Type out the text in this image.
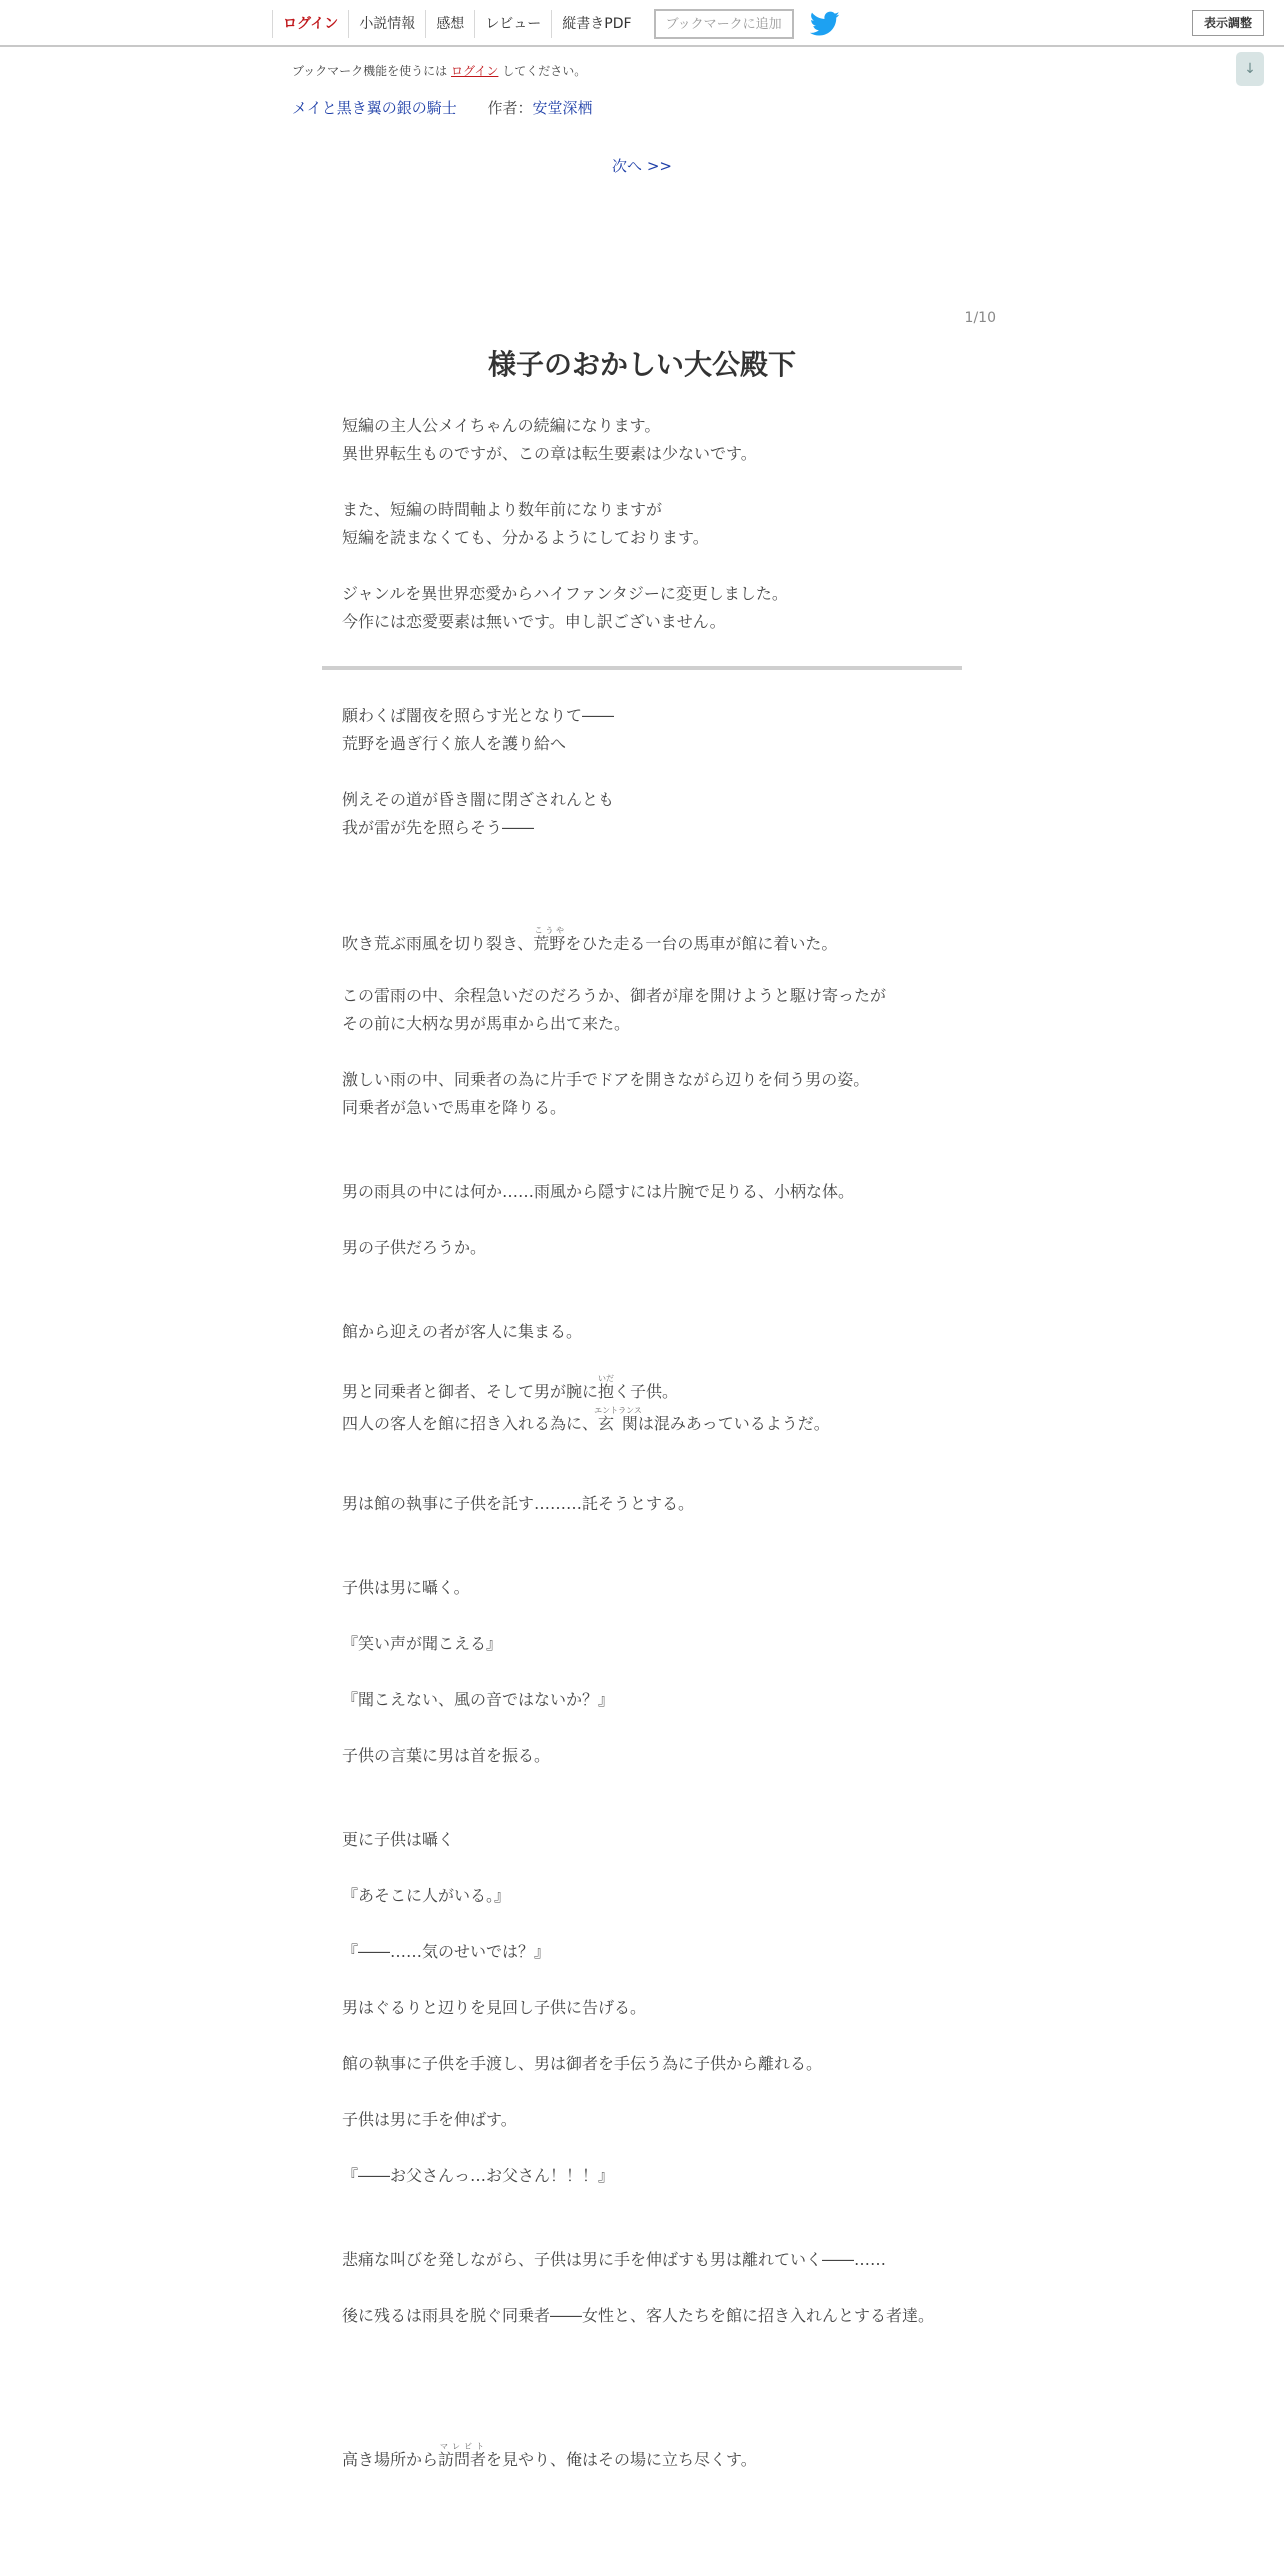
ログイン	小説情報	感想	レビュー	縦書きPDF	ブックマークに追加	表示調整
↓
ブックマーク機能を使うには ログイン してください。
メイと黒き翼の銀の騎士 作者：安堂深栖
次へ >>
1/10
様子のおかしい大公殿下
短編の主人公メイちゃんの続編になります。
異世界転生ものですが、この章は転生要素は少ないです。
また、短編の時間軸より数年前になりますが
短編を読まなくても、分かるようにしております。
ジャンルを異世界恋愛からハイファンタジーに変更しました。
今作には恋愛要素は無いです。申し訳ございません。
願わくば闇夜を照らす光となりて――
荒野を過ぎ行く旅人を護り給へ
例えその道が昏き闇に閉ざされんとも
我が雷が先を照らそう――
吹き荒ぶ雨風を切り裂き、荒野こうやをひた走る一台の馬車が館に着いた。
この雷雨の中、余程急いだのだろうか、御者が扉を開けようと駆け寄ったが
その前に大柄な男が馬車から出て来た。
激しい雨の中、同乗者の為に片手でドアを開きながら辺りを伺う男の姿。
同乗者が急いで馬車を降りる。
男の雨具の中には何か……雨風から隠すには片腕で足りる、小柄な体。
男の子供だろうか。
館から迎えの者が客人に集まる。
男と同乗者と御者、そして男が腕に抱いだく子供。
四人の客人を館に招き入れる為に、玄関エントランスは混みあっているようだ。
男は館の執事に子供を託す………託そうとする。
子供は男に囁く。
『笑い声が聞こえる』
『聞こえない、風の音ではないか？』
子供の言葉に男は首を振る。
更に子供は囁く
『あそこに人がいる。』
『――……気のせいでは？』
男はぐるりと辺りを見回し子供に告げる。
館の執事に子供を手渡し、男は御者を手伝う為に子供から離れる。
子供は男に手を伸ばす。
『――お父さんっ…お父さん！！！』
悲痛な叫びを発しながら、子供は男に手を伸ばすも男は離れていく――……
後に残るは雨具を脱ぐ同乗者――女性と、客人たちを館に招き入れんとする者達。
高き場所から訪問者マレビトを見やり、俺はその場に立ち尽くす。
